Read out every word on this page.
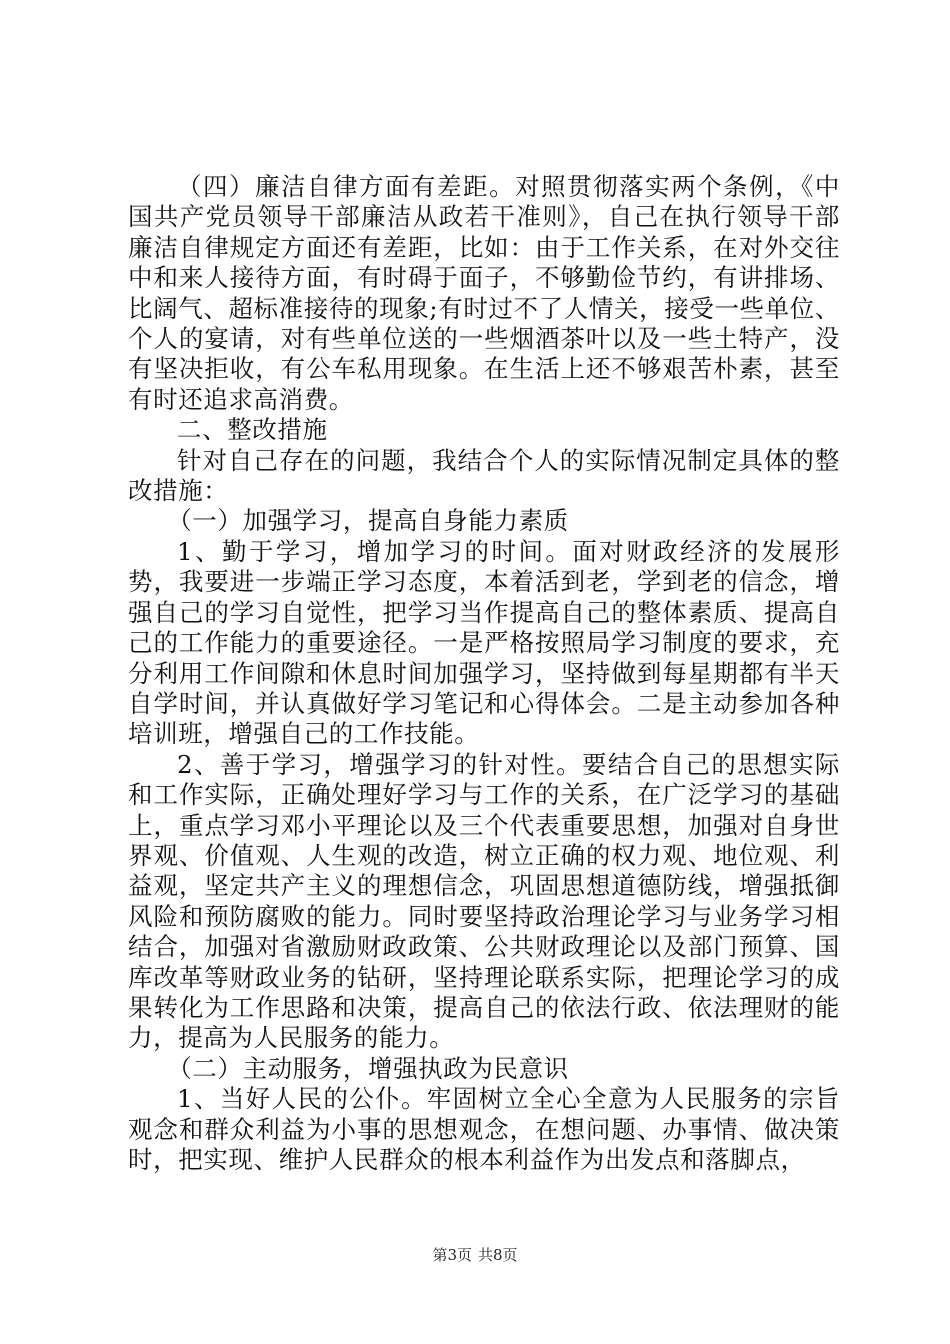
（四）廉洁自律方面有差距。对照贯彻落实两个条例，《中国共产党员领导干部廉洁从政若干准则》，自己在执行领导干部廉洁自律规定方面还有差距，比如：由于工作关系，在对外交往中和来人接待方面，有时碍于面子，不够勤俭节约，有讲排场、比阔气、超标准接待的现象;有时过不了人情关，接受一些单位、个人的宴请，对有些单位送的一些烟酒茶叶以及一些土特产，没有坚决拒收，有公车私用现象。在生活上还不够艰苦朴素，甚至有时还追求高消费。

二、整改措施

针对自己存在的问题，我结合个人的实际情况制定具体的整改措施：

（一）加强学习，提高自身能力素质

1、勤于学习，增加学习的时间。面对财政经济的发展形势，我要进一步端正学习态度，本着活到老，学到老的信念，增强自己的学习自觉性，把学习当作提高自己的整体素质、提高自己的工作能力的重要途径。一是严格按照局学习制度的要求，充分利用工作间隙和休息时间加强学习，坚持做到每星期都有半天自学时间，并认真做好学习笔记和心得体会。二是主动参加各种培训班，增强自己的工作技能。

2、善于学习，增强学习的针对性。要结合自己的思想实际和工作实际，正确处理好学习与工作的关系，在广泛学习的基础上，重点学习邓小平理论以及三个代表重要思想，加强对自身世界观、价值观、人生观的改造，树立正确的权力观、地位观、利益观，坚定共产主义的理想信念，巩固思想道德防线，增强抵御风险和预防腐败的能力。同时要坚持政治理论学习与业务学习相结合，加强对省激励财政政策、公共财政理论以及部门预算、国库改革等财政业务的钻研，坚持理论联系实际，把理论学习的成果转化为工作思路和决策，提高自己的依法行政、依法理财的能力，提高为人民服务的能力。

（二）主动服务，增强执政为民意识

1、当好人民的公仆。牢固树立全心全意为人民服务的宗旨观念和群众利益为小事的思想观念，在想问题、办事情、做决策时，把实现、维护人民群众的根本利益作为出发点和落脚点，

第3页 共8页
